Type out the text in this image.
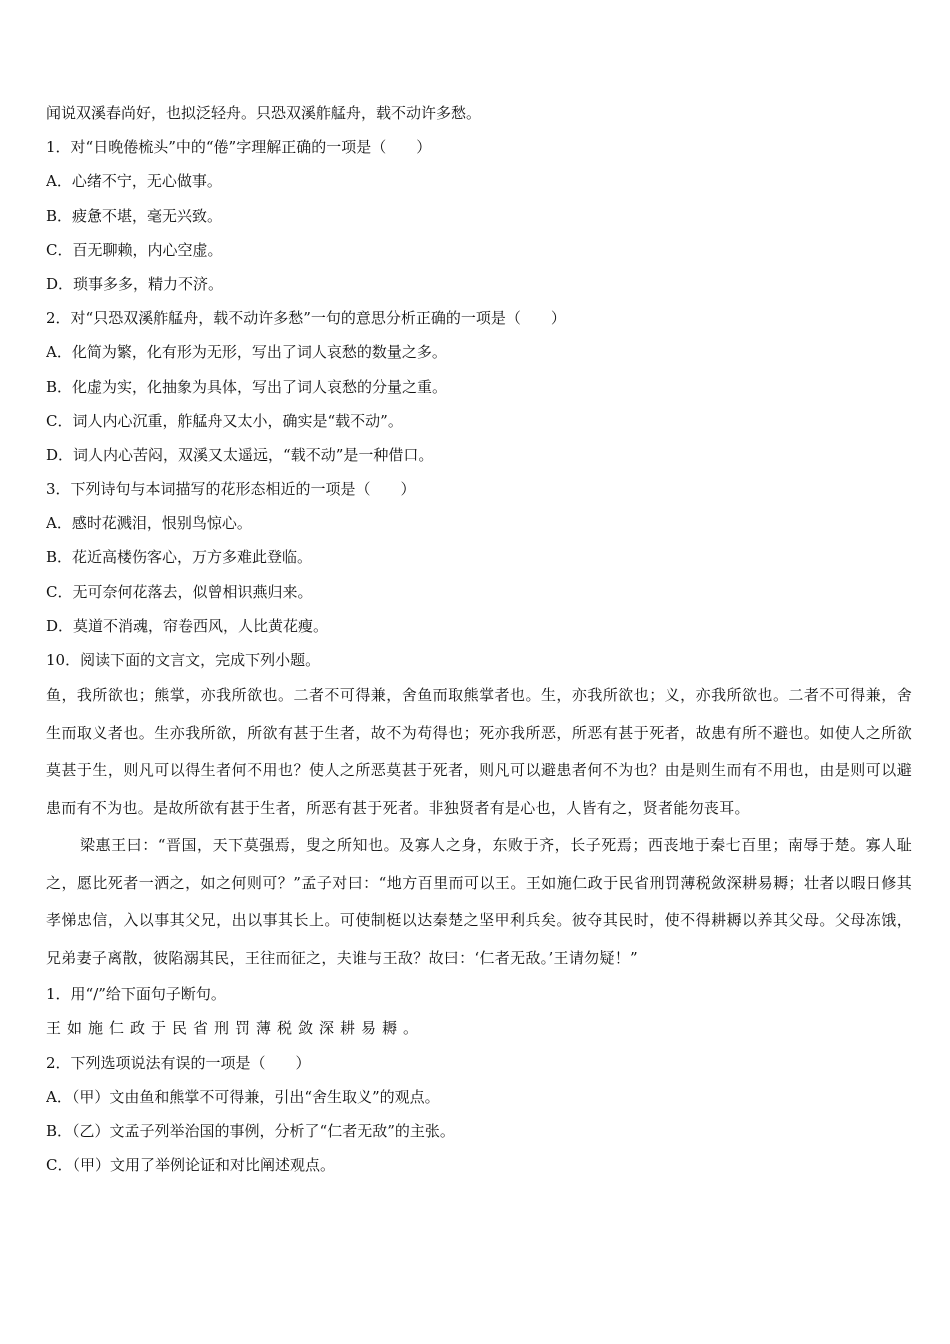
闻说双溪春尚好，也拟泛轻舟。只恐双溪舴艋舟，载不动许多愁。
1．对“日晚倦梳头”中的“倦”字理解正确的一项是（　　）
A．心绪不宁，无心做事。
B．疲惫不堪，毫无兴致。
C．百无聊赖，内心空虚。
D．琐事多多，精力不济。
2．对“只恐双溪舴艋舟，载不动许多愁”一句的意思分析正确的一项是（　　）
A．化简为繁，化有形为无形，写出了词人哀愁的数量之多。
B．化虚为实，化抽象为具体，写出了词人哀愁的分量之重。
C．词人内心沉重，舴艋舟又太小，确实是“载不动”。
D．词人内心苦闷，双溪又太遥远，“载不动”是一种借口。
3．下列诗句与本词描写的花形态相近的一项是（　　）
A．感时花溅泪，恨别鸟惊心。
B．花近高楼伤客心，万方多难此登临。
C．无可奈何花落去，似曾相识燕归来。
D．莫道不消魂，帘卷西风，人比黄花瘦。
10．阅读下面的文言文，完成下列小题。
鱼，我所欲也；熊掌，亦我所欲也。二者不可得兼，舍鱼而取熊掌者也。生，亦我所欲也；义，亦我所欲也。二者不可得兼，舍生而取义者也。生亦我所欲，所欲有甚于生者，故不为苟得也；死亦我所恶，所恶有甚于死者，故患有所不避也。如使人之所欲莫甚于生，则凡可以得生者何不用也？使人之所恶莫甚于死者，则凡可以避患者何不为也？由是则生而有不用也，由是则可以避患而有不为也。是故所欲有甚于生者，所恶有甚于死者。非独贤者有是心也，人皆有之，贤者能勿丧耳。
梁惠王曰：“晋国，天下莫强焉，叟之所知也。及寡人之身，东败于齐，长子死焉；西丧地于秦七百里；南辱于楚。寡人耻之，愿比死者一洒之，如之何则可？”孟子对曰：“地方百里而可以王。王如施仁政于民省刑罚薄税敛深耕易耨；壮者以暇日修其孝悌忠信，入以事其父兄，出以事其长上。可使制梃以达秦楚之坚甲利兵矣。彼夺其民时，使不得耕耨以养其父母。父母冻饿，兄弟妻子离散，彼陷溺其民，王往而征之，夫谁与王敌？故曰：‘仁者无敌。’王请勿疑！”
1．用“/”给下面句子断句。
王如施仁政于民省刑罚薄税敛深耕易耨。
2．下列选项说法有误的一项是（　　）
A．（甲）文由鱼和熊掌不可得兼，引出“舍生取义”的观点。
B．（乙）文孟子列举治国的事例，分析了“仁者无敌”的主张。
C．（甲）文用了举例论证和对比阐述观点。
